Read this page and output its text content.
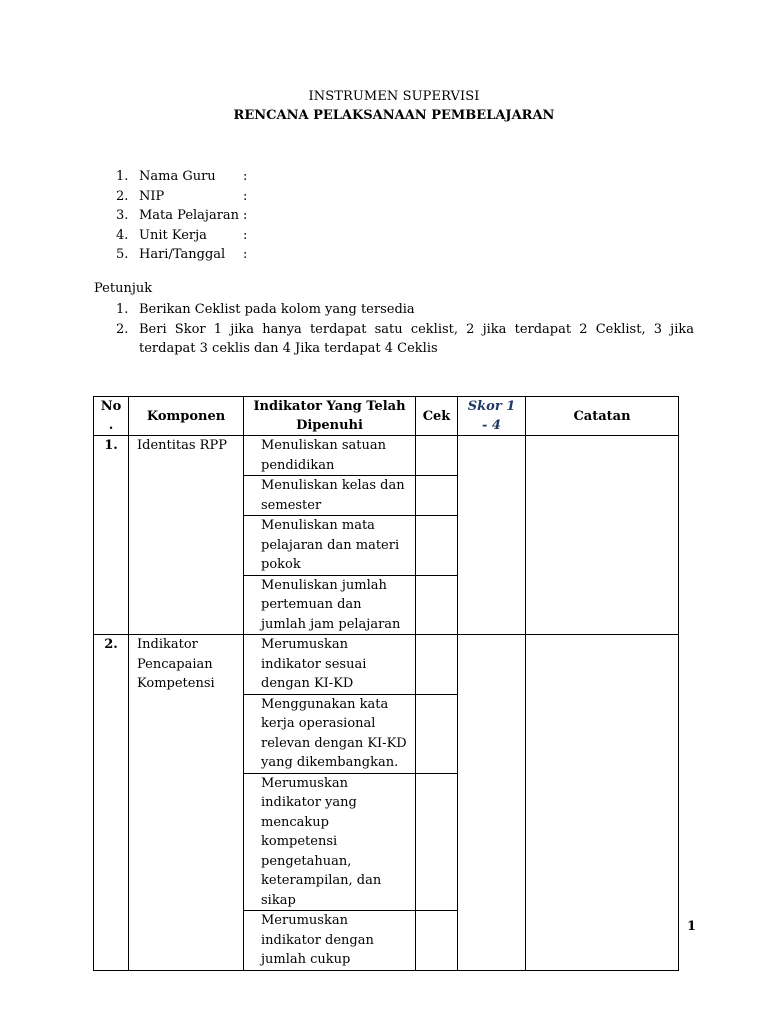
INSTRUMEN SUPERVISI
RENCANA PELAKSANAAN PEMBELAJARAN
1. Nama Guru	:
2. NIP	:
3. Mata Pelajaran :
4. Unit Kerja	:
5. Hari/Tanggal	:
Petunjuk
1. Berikan Ceklist pada kolom yang tersedia
2. Beri Skor 1 jika hanya terdapat satu ceklist, 2 jika terdapat 2 Ceklist, 3 jika terdapat 3 ceklis dan 4 Jika terdapat 4 Ceklis
No .	Komponen	Indikator Yang Telah Dipenuhi	Cek	Skor 1 - 4	Catatan
1.	Identitas RPP	Menuliskan satuan pendidikan			
		Menuliskan kelas dan semester			
		Menuliskan mata pelajaran dan materi pokok			
		Menuliskan jumlah pertemuan dan jumlah jam pelajaran			
2.	Indikator Pencapaian Kompetensi	Merumuskan indikator sesuai dengan KI-KD			
		Menggunakan kata kerja operasional relevan dengan KI-KD yang dikembangkan.			
		Merumuskan indikator yang mencakup kompetensi pengetahuan, keterampilan, dan sikap			
		Merumuskan indikator dengan jumlah cukup			
1
